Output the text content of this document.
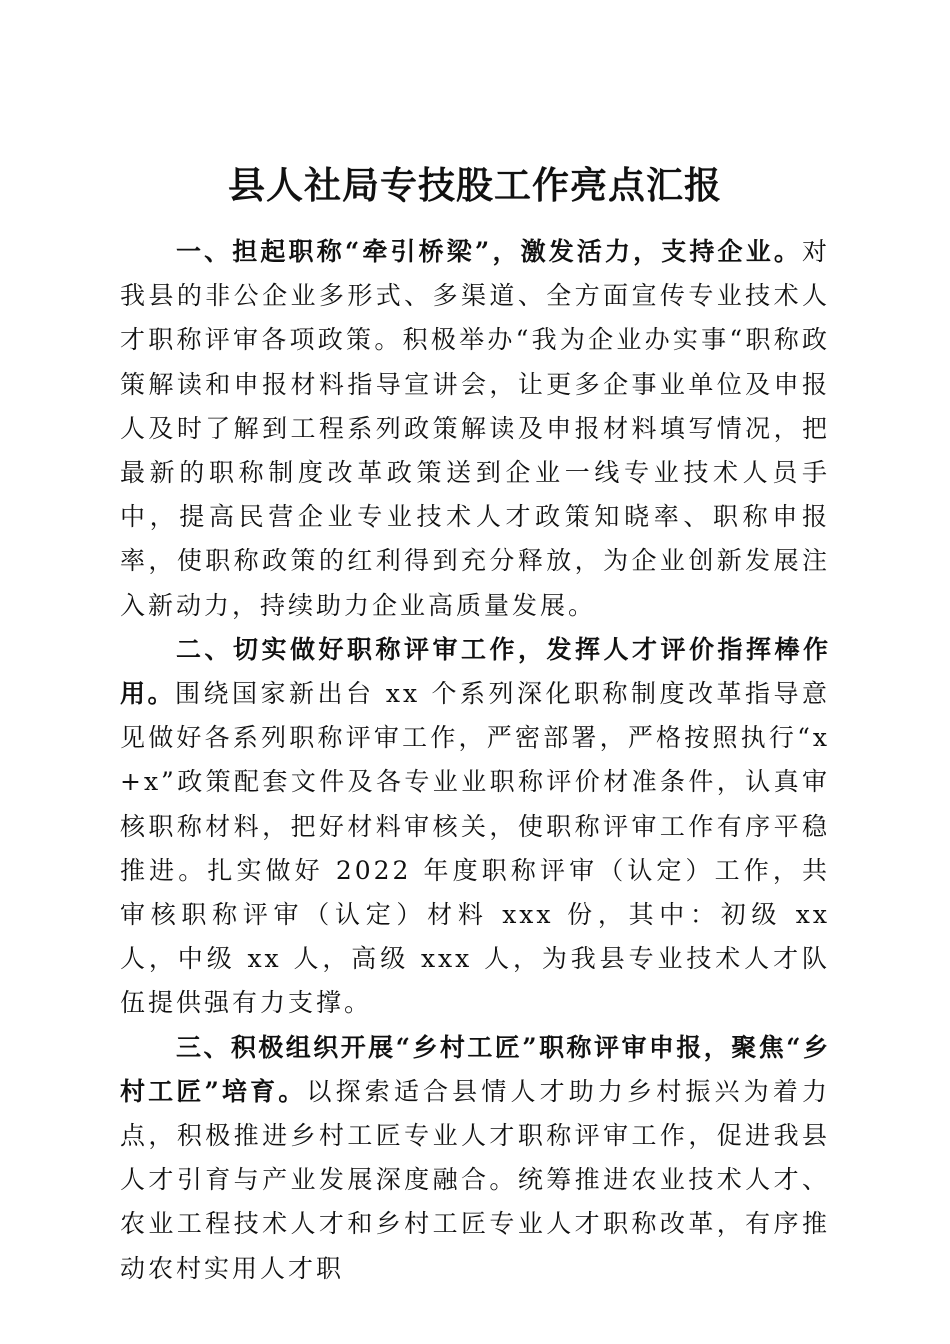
县人社局专技股工作亮点汇报

一、担起职称“牵引桥梁”，激发活力，支持企业。对我县的非公企业多形式、多渠道、全方面宣传专业技术人才职称评审各项政策。积极举办“我为企业办实事“职称政策解读和申报材料指导宣讲会，让更多企事业单位及申报人及时了解到工程系列政策解读及申报材料填写情况，把最新的职称制度改革政策送到企业一线专业技术人员手中，提高民营企业专业技术人才政策知晓率、职称申报率，使职称政策的红利得到充分释放，为企业创新发展注入新动力，持续助力企业高质量发展。

二、切实做好职称评审工作，发挥人才评价指挥棒作用。围绕国家新出台 xx 个系列深化职称制度改革指导意见做好各系列职称评审工作，严密部署，严格按照执行“x+x”政策配套文件及各专业业职称评价材准条件，认真审核职称材料，把好材料审核关，使职称评审工作有序平稳推进。扎实做好 2022 年度职称评审（认定）工作，共审核职称评审（认定）材料 xxx 份，其中：初级 xx 人，中级 xx 人，高级 xxx 人，为我县专业技术人才队伍提供强有力支撑。

三、积极组织开展“乡村工匠”职称评审申报，聚焦“乡村工匠”培育。以探索适合县情人才助力乡村振兴为着力点，积极推进乡村工匠专业人才职称评审工作，促进我县人才引育与产业发展深度融合。统筹推进农业技术人才、农业工程技术人才和乡村工匠专业人才职称改革，有序推动农村实用人才职
